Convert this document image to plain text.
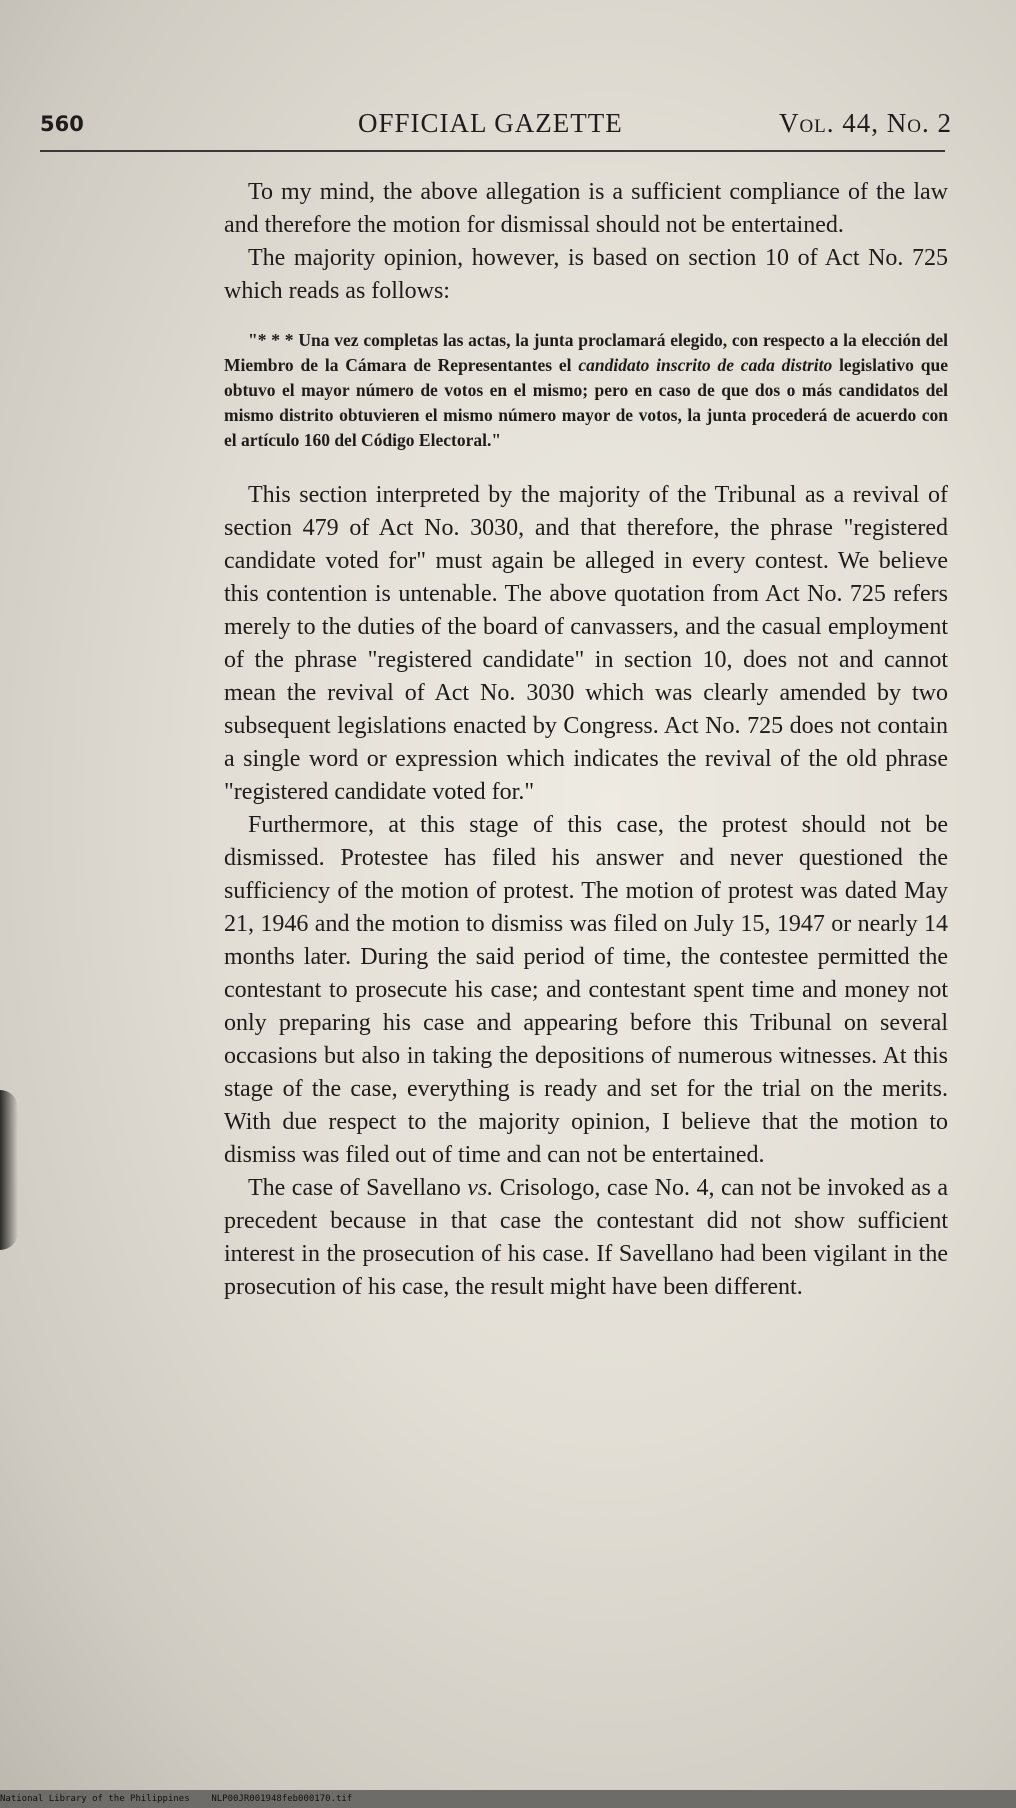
560	OFFICIAL GAZETTE	Vol. 44, No. 2

To my mind, the above allegation is a sufficient compliance of the law and therefore the motion for dismissal should not be entertained.

The majority opinion, however, is based on section 10 of Act No. 725 which reads as follows:

"* * * Una vez completas las actas, la junta proclamará elegido, con respecto a la elección del Miembro de la Cámara de Representantes el candidato inscrito de cada distrito legislativo que obtuvo el mayor número de votos en el mismo; pero en caso de que dos o más candidatos del mismo distrito obtuvieren el mismo número mayor de votos, la junta procederá de acuerdo con el artículo 160 del Código Electoral."

This section interpreted by the majority of the Tribunal as a revival of section 479 of Act No. 3030, and that therefore, the phrase "registered candidate voted for" must again be alleged in every contest. We believe this contention is untenable. The above quotation from Act No. 725 refers merely to the duties of the board of canvassers, and the casual employment of the phrase "registered candidate" in section 10, does not and cannot mean the revival of Act No. 3030 which was clearly amended by two subsequent legislations enacted by Congress. Act No. 725 does not contain a single word or expression which indicates the revival of the old phrase "registered candidate voted for."

Furthermore, at this stage of this case, the protest should not be dismissed. Protestee has filed his answer and never questioned the sufficiency of the motion of protest. The motion of protest was dated May 21, 1946 and the motion to dismiss was filed on July 15, 1947 or nearly 14 months later. During the said period of time, the contestee permitted the contestant to prosecute his case; and contestant spent time and money not only preparing his case and appearing before this Tribunal on several occasions but also in taking the depositions of numerous witnesses. At this stage of the case, everything is ready and set for the trial on the merits. With due respect to the majority opinion, I believe that the motion to dismiss was filed out of time and can not be entertained.

The case of Savellano vs. Crisologo, case No. 4, can not be invoked as a precedent because in that case the contestant did not show sufficient interest in the prosecution of his case. If Savellano had been vigilant in the prosecution of his case, the result might have been different.

National Library of the Philippines NLP00JR001948feb000170.tif
